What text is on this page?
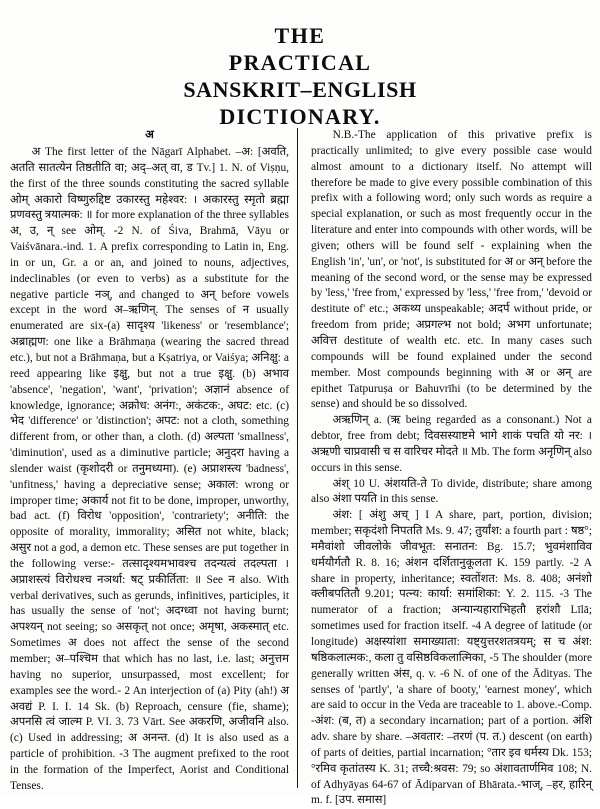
THE
PRACTICAL
SANSKRIT–ENGLISH
DICTIONARY.
अ

अ The first letter of the Nāgarī Alphabet. –अ: [अवति, अतति सातत्येन तिष्ठतीति वा; अद्–अत् वा, ड Tv.] 1. N. of Viṣṇu, the first of the three sounds constituting the sacred syllable ओम् अकारो विष्णुरुद्दिष्ट उकारस्तु महेश्वर: । अकारस्तु स्मृतो ब्रह्मा प्रणवस्तु त्रयात्मक: ॥ for more explanation of the three syllables अ, उ, न् see ओम्. -2 N. of Śiva, Brahmā, Vāyu or Vaiśvānara.-ind. 1. A prefix corresponding to Latin in, Eng. in or un, Gr. a or an, and joined to nouns, adjectives, indeclinables (or even to verbs) as a substitute for the negative particle नञ्, and changed to अन् before vowels except in the word अ–ऋणिन्. The senses of न usually enumerated are six-(a) सादृश्य 'likeness' or 'resemblance'; अब्राह्मण: one like a Brāhmaṇa (wearing the sacred thread etc.), but not a Brāhmaṇa, but a Kṣatriya, or Vaiśya; अनिक्षु: a reed appearing like इक्षु, but not a true इक्षु. (b) अभाव 'absence', 'negation', 'want', 'privation'; अज्ञानं absence of knowledge, ignorance; अक्रोध: अनंग:, अकंटक:, अघट: etc. (c) भेद 'difference' or 'distinction'; अपट: not a cloth, something different from, or other than, a cloth. (d) अल्पता 'smallness', 'diminution', used as a diminutive particle; अनुदरा having a slender waist (कृशोदरी or तनुमध्यमा). (e) अप्राशस्त्य 'badness', 'unfitness,' having a depreciative sense; अकाल: wrong or improper time; अकार्य not fit to be done, improper, unworthy, bad act. (f) विरोध 'opposition', 'contrariety'; अनीति: the opposite of morality, immorality; असित not white, black; असुर not a god, a demon etc. These senses are put together in the following verse:- तत्सादृश्यमभावश्च तदन्यत्वं तदल्पता । अप्राशस्त्यं विरोधश्च नञर्था: षट् प्रकीर्तिता: ॥ See न also. With verbal derivatives, such as gerunds, infinitives, participles, it has usually the sense of 'not'; अदग्ध्वा not having burnt; अपश्यन् not seeing; so असकृत् not once; अमृषा, अकस्मात् etc. Sometimes अ does not affect the sense of the second member; अ–पश्चिम that which has no last, i.e. last; अनुत्तम having no superior, unsurpassed, most excellent; for examples see the word.- 2 An interjection of (a) Pity (ah!) अ अवद्यं P. I. I. 14 Sk. (b) Reproach, censure (fie, shame); अपनसि त्वं जाल्म P. VI. 3. 73 Vārt. See अकरणि, अजीवनि also. (c) Used in addressing; अ अनन्त. (d) It is also used as a particle of prohibition. -3 The augment prefixed to the root in the formation of the Imperfect, Aorist and Conditional Tenses.

N.B.-The application of this privative prefix is practically unlimited; to give every possible case would almost amount to a dictionary itself. No attempt will therefore be made to give every possible combination of this prefix with a following word; only such words as require a special explanation, or such as most frequently occur in the literature and enter into compounds with other words, will be given; others will be found self - explaining when the English 'in', 'un', or 'not', is substituted for अ or अन् before the meaning of the second word, or the sense may be expressed by 'less,' 'free from,' expressed by 'less,' 'free from,' 'devoid or destitute of' etc.; अकथ्य unspeakable; अदर्प without pride, or freedom from pride; अप्रगल्भ not bold; अभग unfortunate; अवित्त destitute of wealth etc. etc. In many cases such compounds will be found explained under the second member. Most compounds beginning with अ or अन् are epithet Tatpuruṣa or Bahuvrīhi (to be determined by the sense) and should be so dissolved.

अऋणिन् a. (ऋ being regarded as a consonant.) Not a debtor, free from debt; दिवसस्याष्टमे भागे शाकं पचति यो नर: । अऋणी चाप्रवासी च स वारिचर मोदते ॥ Mb. The form अनृणिन् also occurs in this sense.

अंश् 10 U. अंशयति-ते To divide, distribute; share among also अंशा पयति in this sense.

अंश: [ अंशु अच् ] I A share, part, portion, division; member; सकृदंशो निपतति Ms. 9. 47; तुर्यांश: a fourth part : षष्ठ°; ममैवांशो जीवलोके जीवभूत: सनातन: Bg. 15.7; भुवमंशाविव धर्मयौर्गतौ R. 8. 16; अंशन दर्शितानुकूलता K. 159 partly. -2 A share in property, inheritance; स्वतोंशत: Ms. 8. 408; अनंशो क्लीबपतितौ 9.201; पत्न्य: कार्या: समांशिका: Y. 2. 115. -3 The numerator of a fraction; अन्यान्यहाराभिहतौ हरांशौ Līlā; sometimes used for fraction itself. -4 A degree of latitude (or longitude) अक्षस्यांशा समाख्याता: यष्ट्युत्तरशतत्रयम्; स च अंश: षष्ठिकलात्मक:, कला तु वसिष्ठविकलात्मिका, -5 The shoulder (more generally written अंस, q. v. -6 N. of one of the Ādityas. The senses of 'partly', 'a share of booty,' 'earnest money', which are said to occur in the Veda are traceable to 1. above.-Comp. -अंश: (ब, त) a secondary incarnation; part of a portion. अंशि adv. share by share. –अवतार: –तरणं (प. त.) descent (on earth) of parts of deities, partial incarnation; °तार इव धर्मस्य Dk. 153; °रमिव कृतांतस्य K. 31; तच्चै:श्रवस: 79; so अंशावतार्णमिव 108; N. of Adhyāyas 64-67 of Ādiparvan of Bhārata.-भाज्, –हर, हारिन् m. f. [उप. समास]
